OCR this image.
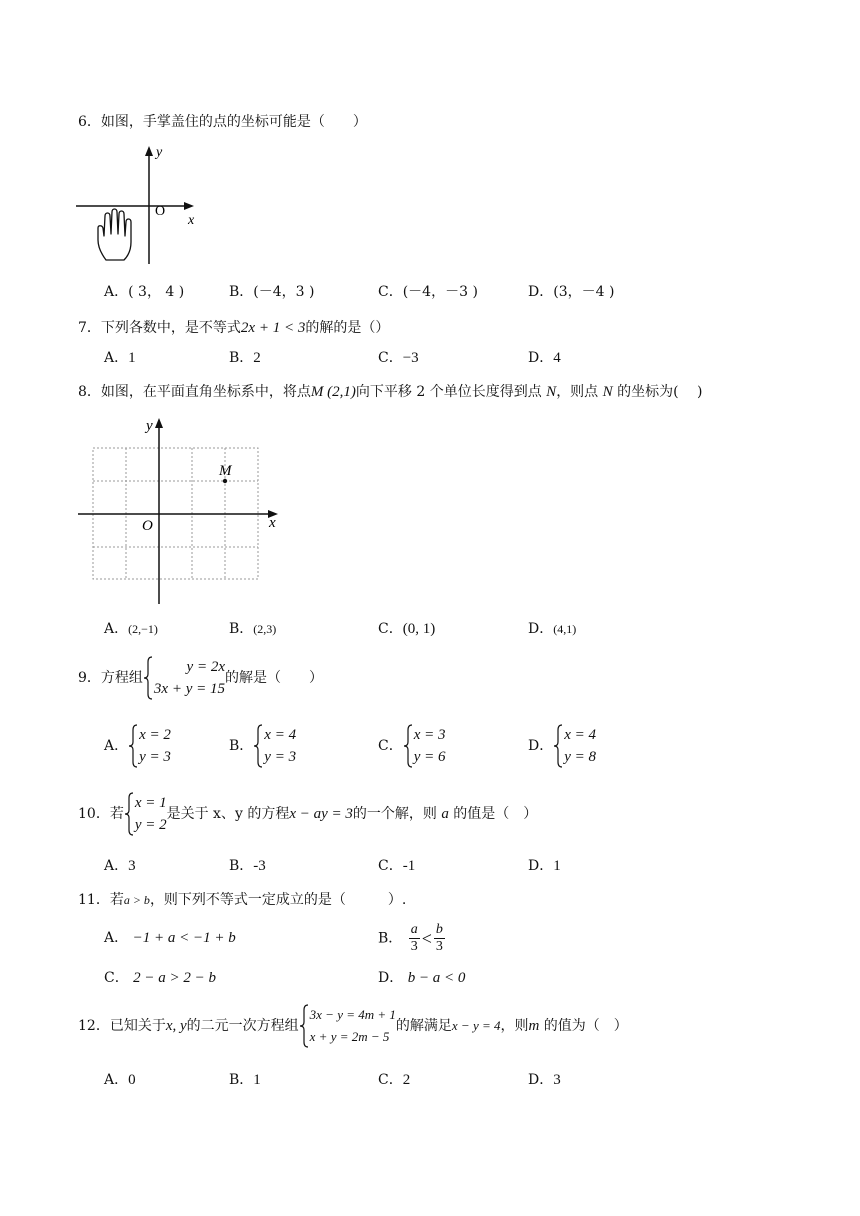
6．如图，手掌盖住的点的坐标可能是（　　）
y
x
O
A．( 3， 4 )	B．(－4，3 )	C．(－4，－3 )	D．(3，－4 )
7．下列各数中，是不等式2x + 1 < 3的解的是（）
A．1	B．2	C．−3	D．4
8．如图，在平面直角坐标系中，将点M (2,1)向下平移 2 个单位长度得到点 N，则点 N 的坐标为(　 )
y
x
O
M
A．(2,−1)	B．(2,3)	C．(0, 1)	D．(4,1)
9．方程组
y = 2x
3x + y = 15
的解是（　　）
A．
x = 2
y = 3
B．
x = 4
y = 3
C．
x = 3
y = 6
D．
x = 4
y = 8
10．若
x = 1
y = 2
是关于 x、y 的方程x − ay = 3的一个解，则 a 的值是（　）
A．3	B．-3	C．-1	D．1
11．若a > b，则下列不等式一定成立的是（　　　）.
A． −1 + a < −1 + b	B． $\frac{a}{3} < \frac{b}{3}$
C． 2 − a > 2 − b	D． b − a < 0
12．已知关于x, y的二元一次方程组
3x − y = 4m + 1
x + y = 2m − 5
的解满足x − y = 4，则m 的值为（　）
A．0	B．1	C．2	D．3
